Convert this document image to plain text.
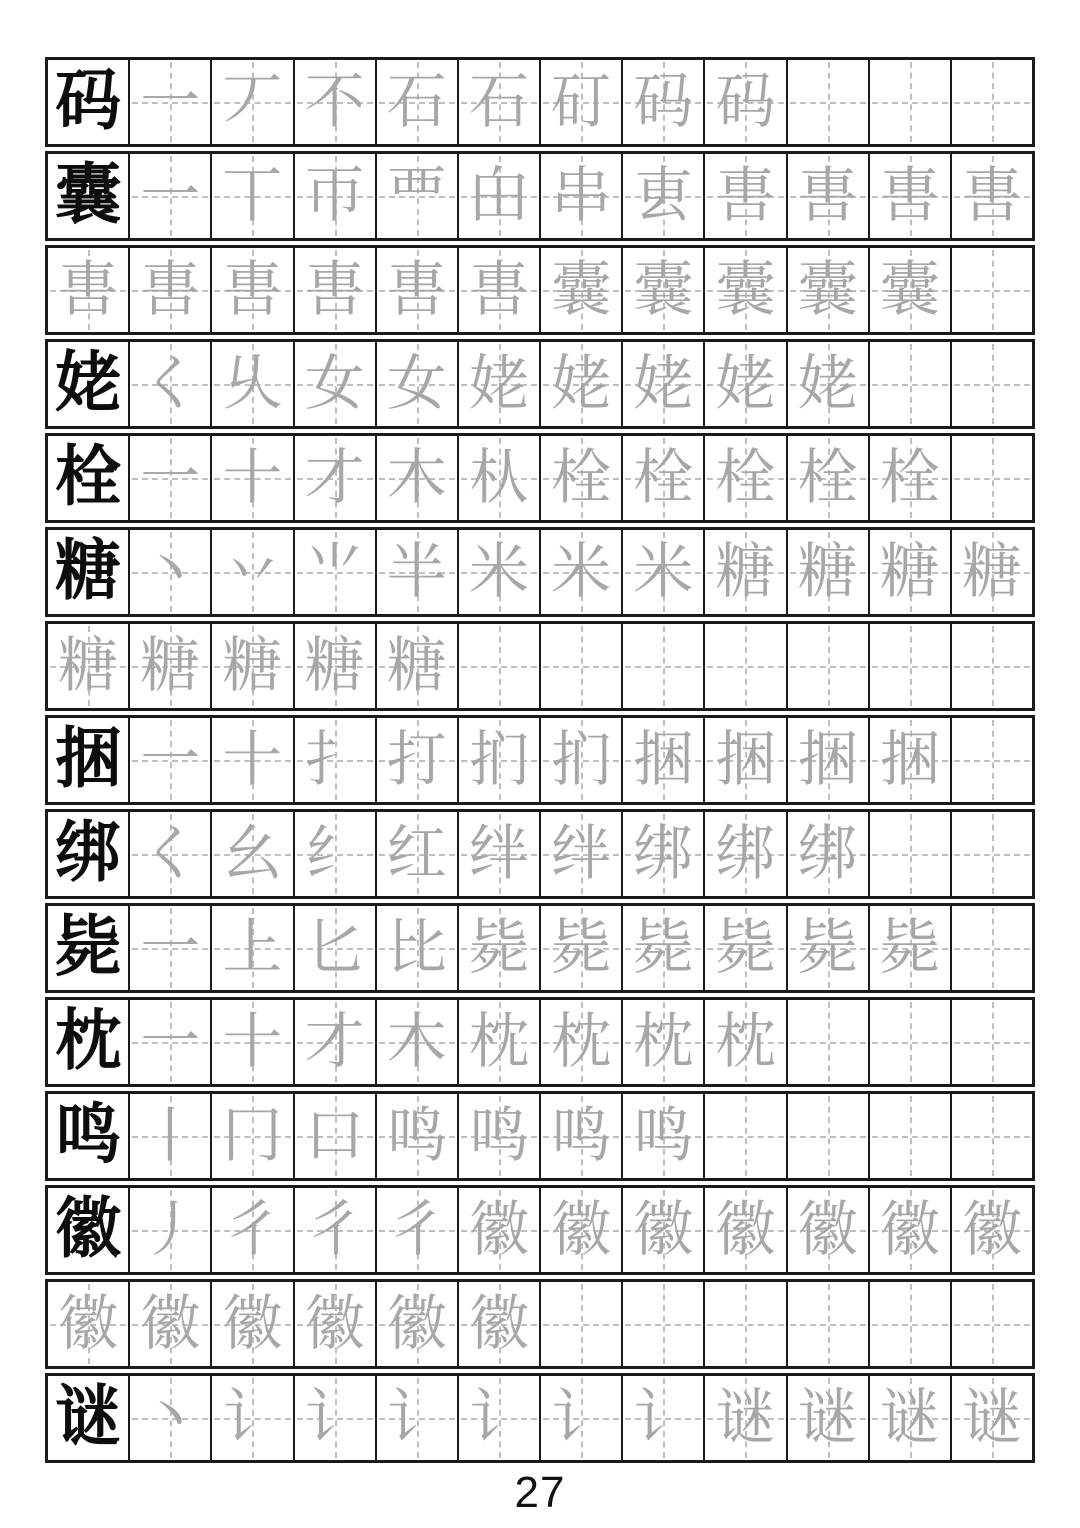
码 一 丆 不 石 石 矴 码 码
囊 一 丅 帀 覀 甶 串 叀 軎 軎 軎 軎
軎 軎 軎 軎 軎 軎 囊 囊 囊 囊 囊
姥 く 乆 女 女 姥 姥 姥 姥 姥
栓 一 十 才 木 朲 栓 栓 栓 栓 栓
糖 丶 丷 ⺌ 半 米 米 米 糖 糖 糖 糖
糖 糖 糖 糖 糖
捆 一 十 扌 打 扪 扪 捆 捆 捆 捆
绑 く 幺 纟 红 绊 绊 绑 绑 绑
毙 一 上 匕 比 毙 毙 毙 毙 毙 毙
枕 一 十 才 木 枕 枕 枕 枕
鸣 丨 冂 口 鸣 鸣 鸣 鸣
徽 丿 彳 彳 彳 徽 徽 徽 徽 徽 徽 徽
徽 徽 徽 徽 徽 徽
谜 丶 讠 讠 讠 讠 讠 讠 谜 谜 谜 谜
27
